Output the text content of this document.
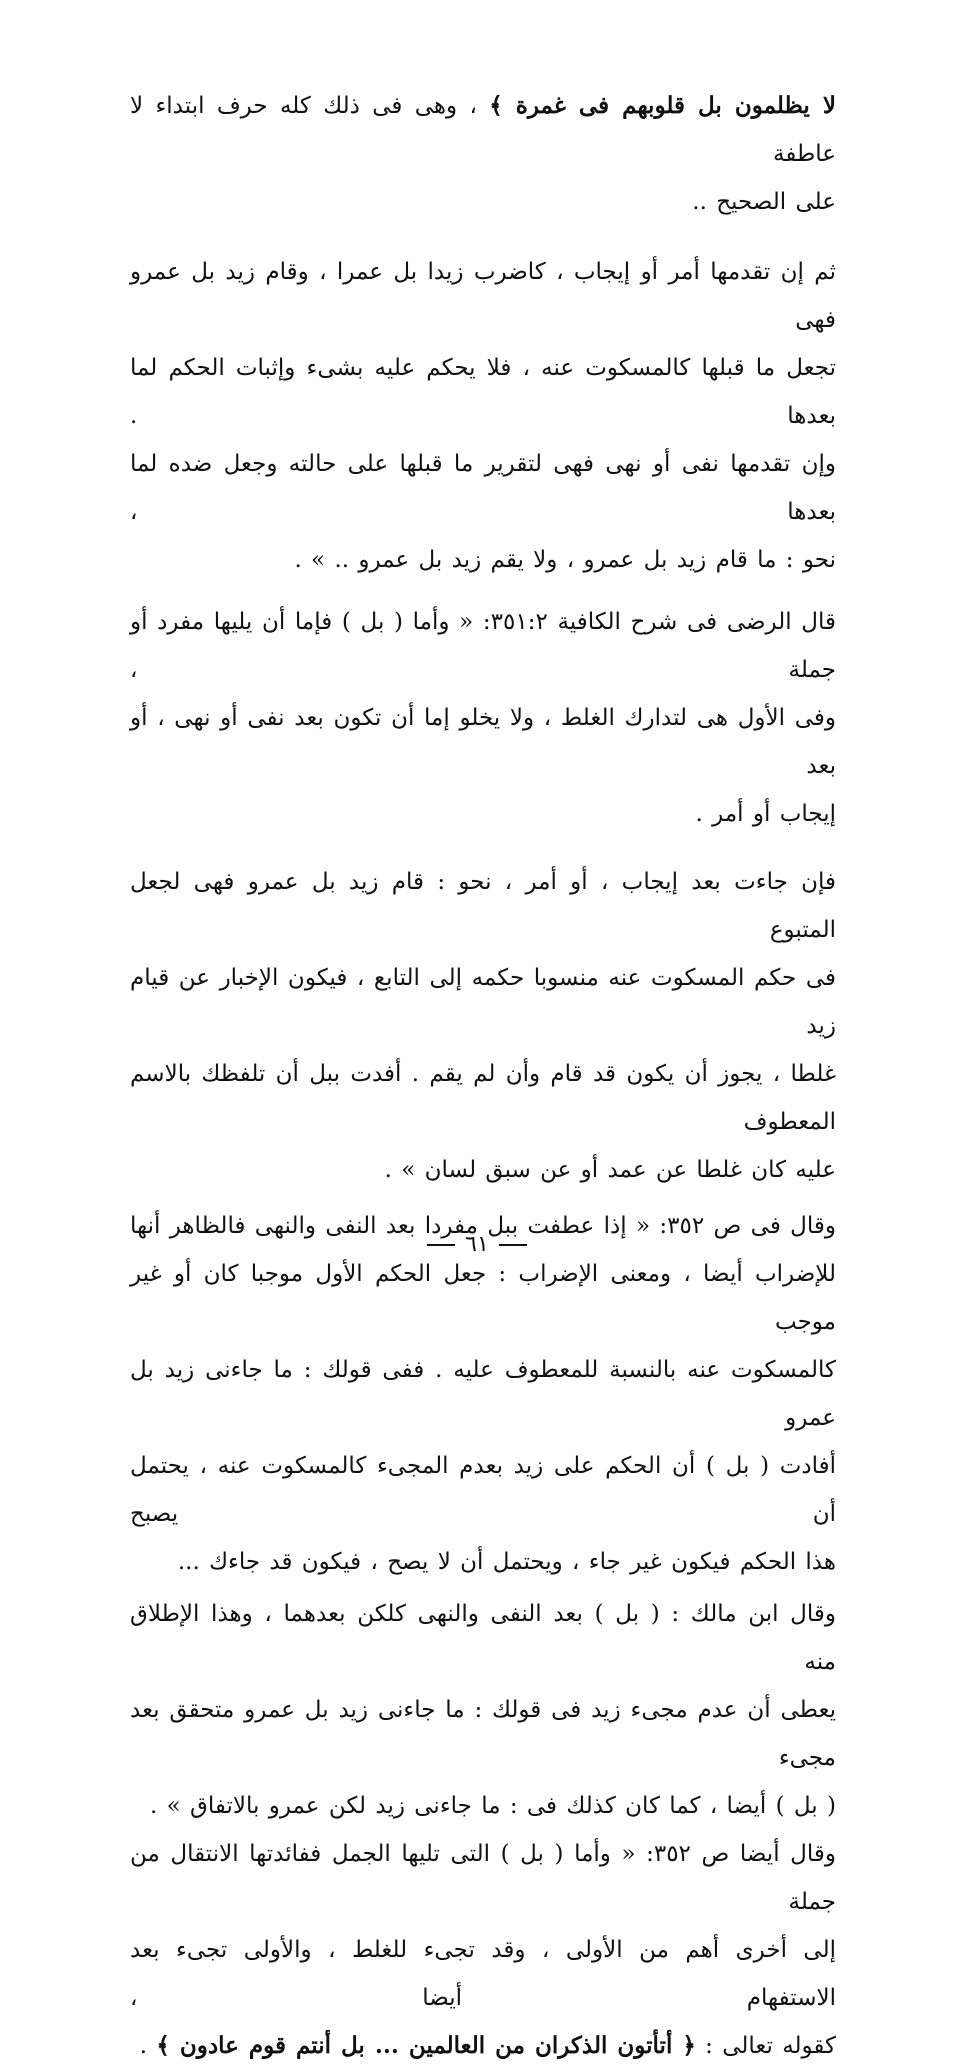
لا يظلمون بل قلوبهم فى غمرة ﴾ ، وهى فى ذلك كله حرف ابتداء لا عاطفة
على الصحيح ..
ثم إن تقدمها أمر أو إيجاب ، كاضرب زيدا بل عمرا ، وقام زيد بل عمرو فهى
تجعل ما قبلها كالمسكوت عنه ، فلا يحكم عليه بشىء وإثبات الحكم لما بعدها .
وإن تقدمها نفى أو نهى فهى لتقرير ما قبلها على حالته وجعل ضده لما بعدها ،
نحو : ما قام زيد بل عمرو ، ولا يقم زيد بل عمرو .. » .
قال الرضى فى شرح الكافية ٣٥١:٢: « وأما ( بل ) فإما أن يليها مفرد أو جملة ،
وفى الأول هى لتدارك الغلط ، ولا يخلو إما أن تكون بعد نفى أو نهى ، أو بعد
إيجاب أو أمر .
فإن جاءت بعد إيجاب ، أو أمر ، نحو : قام زيد بل عمرو فهى لجعل المتبوع
فى حكم المسكوت عنه منسوبا حكمه إلى التابع ، فيكون الإخبار عن قيام زيد
غلطا ، يجوز أن يكون قد قام وأن لم يقم . أفدت ببل أن تلفظك بالاسم المعطوف
عليه كان غلطا عن عمد أو عن سبق لسان » .
وقال فى ص ٣٥٢: « إذا عطفت ببل مفردا بعد النفى والنهى فالظاهر أنها
للإضراب أيضا ، ومعنى الإضراب : جعل الحكم الأول موجبا كان أو غير موجب
كالمسكوت عنه بالنسبة للمعطوف عليه . ففى قولك : ما جاءنى زيد بل عمرو
أفادت ( بل ) أن الحكم على زيد بعدم المجىء كالمسكوت عنه ، يحتمل أن يصبح
هذا الحكم فيكون غير جاء ، ويحتمل أن لا يصح ، فيكون قد جاءك ...
وقال ابن مالك : ( بل ) بعد النفى والنهى كلكن بعدهما ، وهذا الإطلاق منه
يعطى أن عدم مجىء زيد فى قولك : ما جاءنى زيد بل عمرو متحقق بعد مجىء
( بل ) أيضا ، كما كان كذلك فى : ما جاءنى زيد لكن عمرو بالاتفاق » .
وقال أيضا ص ٣٥٢: « وأما ( بل ) التى تليها الجمل ففائدتها الانتقال من جملة
إلى أخرى أهم من الأولى ، وقد تجىء للغلط ، والأولى تجىء بعد الاستفهام أيضا ،
كقوله تعالى : ﴿ أتأتون الذكران من العالمين ... بل أنتم قوم عادون ﴾ .
٦١
